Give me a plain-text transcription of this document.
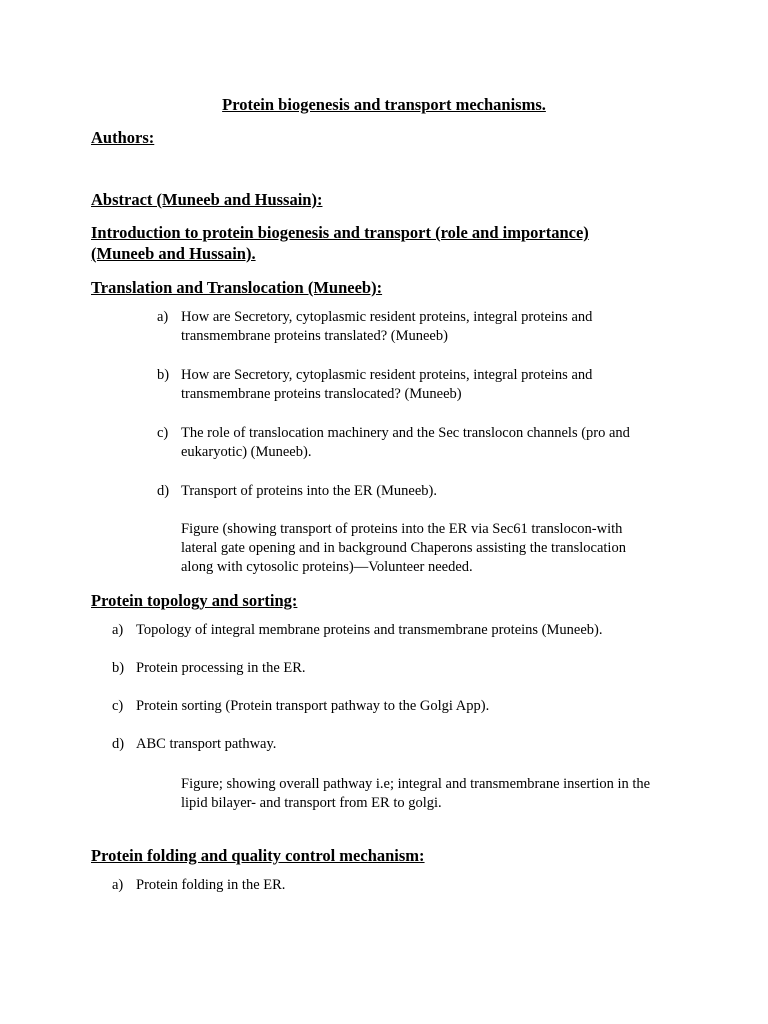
Protein biogenesis and transport mechanisms.
Authors:
Abstract (Muneeb and Hussain):
Introduction to protein biogenesis and transport (role and importance)
(Muneeb and Hussain).
Translation and Translocation (Muneeb):
a) How are Secretory, cytoplasmic resident proteins, integral proteins and
transmembrane proteins translated? (Muneeb)
b) How are Secretory, cytoplasmic resident proteins, integral proteins and
transmembrane proteins translocated? (Muneeb)
c) The role of translocation machinery and the Sec translocon channels (pro and
eukaryotic) (Muneeb).
d) Transport of proteins into the ER (Muneeb).
Figure (showing transport of proteins into the ER via Sec61 translocon-with
lateral gate opening and in background Chaperons assisting the translocation
along with cytosolic proteins)—Volunteer needed.
Protein topology and sorting:
a) Topology of integral membrane proteins and transmembrane proteins (Muneeb).
b) Protein processing in the ER.
c) Protein sorting (Protein transport pathway to the Golgi App).
d) ABC transport pathway.
Figure; showing overall pathway i.e; integral and transmembrane insertion in the
lipid bilayer- and transport from ER to golgi.
Protein folding and quality control mechanism:
a) Protein folding in the ER.
